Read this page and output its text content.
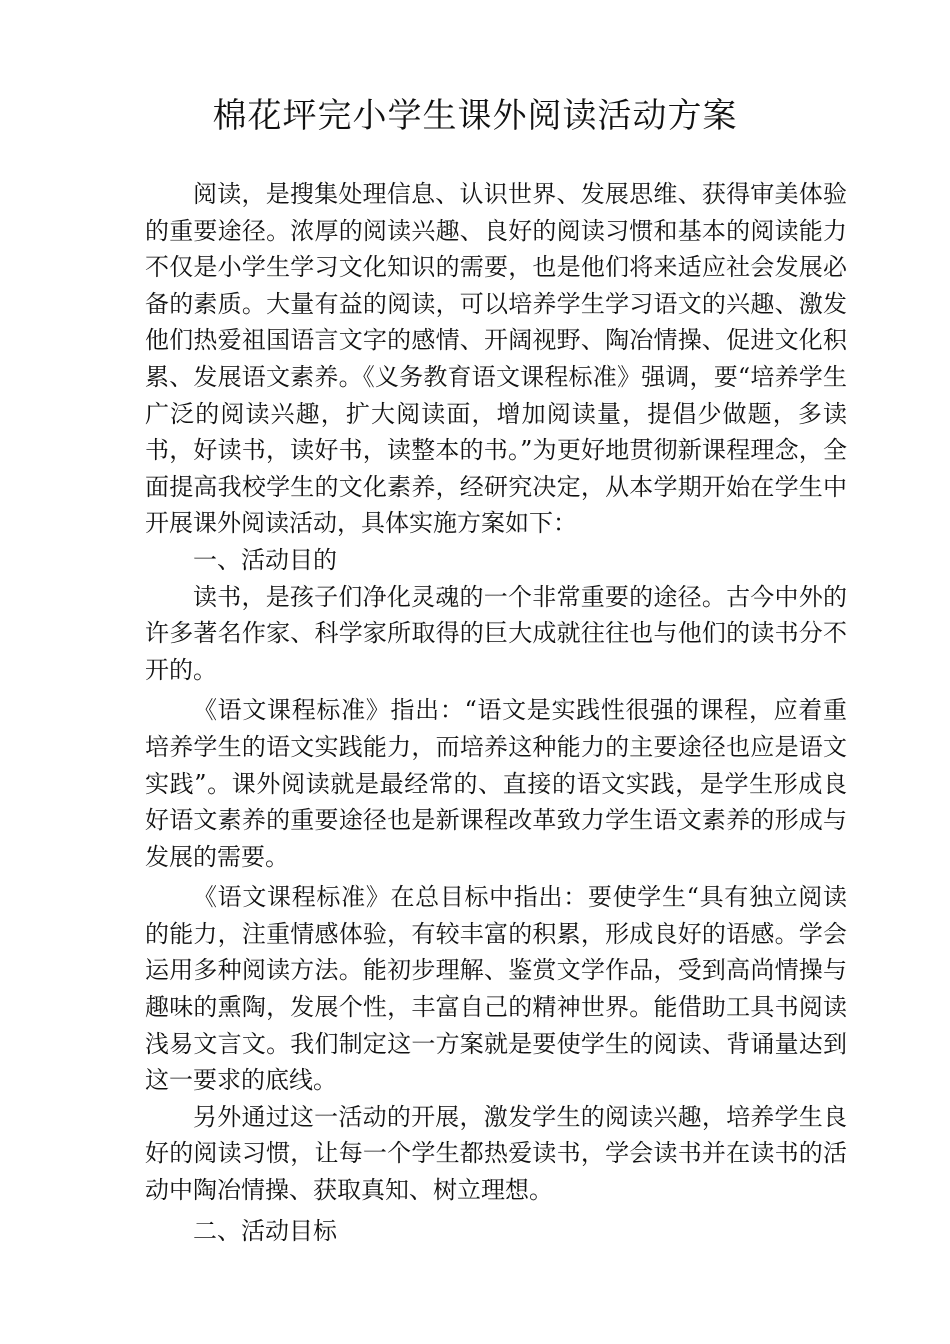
棉花坪完小学生课外阅读活动方案

阅读，是搜集处理信息、认识世界、发展思维、获得审美体验的重要途径。浓厚的阅读兴趣、良好的阅读习惯和基本的阅读能力不仅是小学生学习文化知识的需要，也是他们将来适应社会发展必备的素质。大量有益的阅读，可以培养学生学习语文的兴趣、激发他们热爱祖国语言文字的感情、开阔视野、陶冶情操、促进文化积累、发展语文素养。《义务教育语文课程标准》强调，要“培养学生广泛的阅读兴趣，扩大阅读面，增加阅读量，提倡少做题，多读书，好读书，读好书，读整本的书。”为更好地贯彻新课程理念，全面提高我校学生的文化素养，经研究决定，从本学期开始在学生中开展课外阅读活动，具体实施方案如下：

一、活动目的

读书，是孩子们净化灵魂的一个非常重要的途径。古今中外的许多著名作家、科学家所取得的巨大成就往往也与他们的读书分不开的。

《语文课程标准》指出：“语文是实践性很强的课程，应着重培养学生的语文实践能力，而培养这种能力的主要途径也应是语文实践”。课外阅读就是最经常的、直接的语文实践，是学生形成良好语文素养的重要途径也是新课程改革致力学生语文素养的形成与发展的需要。

《语文课程标准》在总目标中指出：要使学生“具有独立阅读的能力，注重情感体验，有较丰富的积累，形成良好的语感。学会运用多种阅读方法。能初步理解、鉴赏文学作品，受到高尚情操与趣味的熏陶，发展个性，丰富自己的精神世界。能借助工具书阅读浅易文言文。我们制定这一方案就是要使学生的阅读、背诵量达到这一要求的底线。

另外通过这一活动的开展，激发学生的阅读兴趣，培养学生良好的阅读习惯，让每一个学生都热爱读书，学会读书并在读书的活动中陶冶情操、获取真知、树立理想。

二、活动目标
